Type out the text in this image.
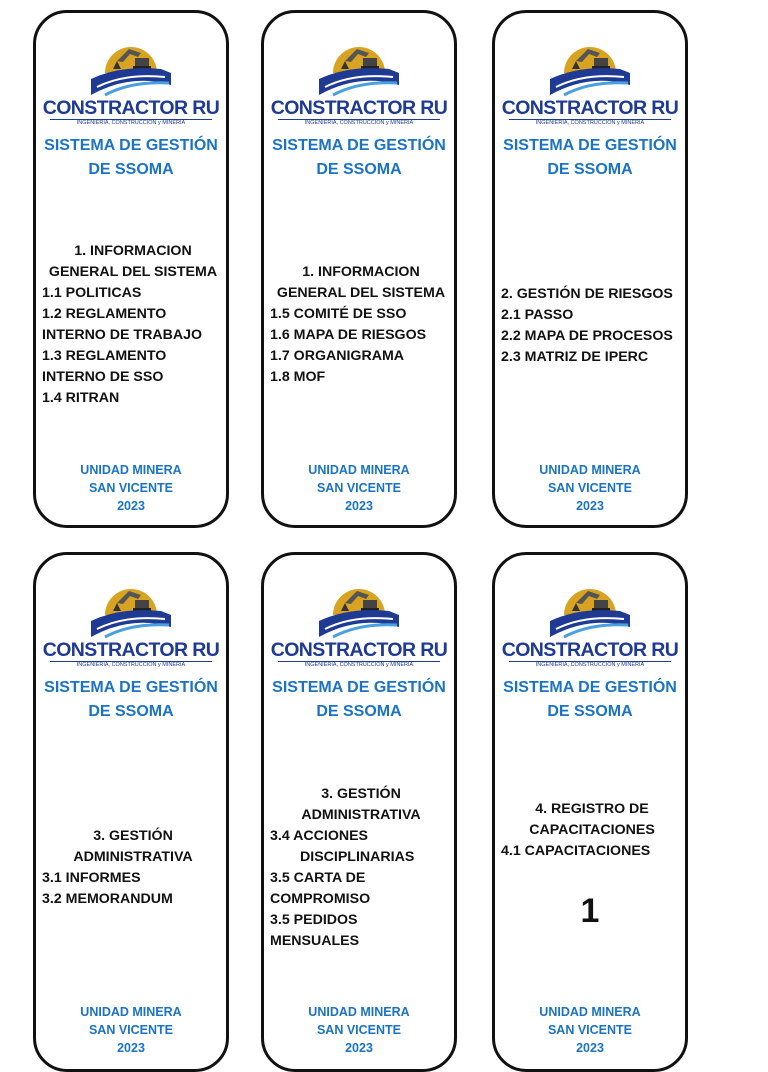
CONSTRACTOR RU
INGENIERÍA, CONSTRUCCIÓN y MINERÍA
SISTEMA DE GESTIÓN
DE SSOMA
1. INFORMACION
GENERAL DEL SISTEMA
1.1 POLITICAS
1.2 REGLAMENTO
INTERNO DE TRABAJO
1.3 REGLAMENTO
INTERNO DE SSO
1.4 RITRAN
UNIDAD MINERA
SAN VICENTE
2023
CONSTRACTOR RU
INGENIERÍA, CONSTRUCCIÓN y MINERÍA
SISTEMA DE GESTIÓN
DE SSOMA
1. INFORMACION
GENERAL DEL SISTEMA
1.5 COMITÉ DE SSO
1.6 MAPA DE RIESGOS
1.7 ORGANIGRAMA
1.8 MOF
UNIDAD MINERA
SAN VICENTE
2023
CONSTRACTOR RU
INGENIERÍA, CONSTRUCCIÓN y MINERÍA
SISTEMA DE GESTIÓN
DE SSOMA
2. GESTIÓN DE RIESGOS
2.1 PASSO
2.2 MAPA DE PROCESOS
2.3 MATRIZ DE IPERC
UNIDAD MINERA
SAN VICENTE
2023
CONSTRACTOR RU
INGENIERÍA, CONSTRUCCIÓN y MINERÍA
SISTEMA DE GESTIÓN
DE SSOMA
3. GESTIÓN
ADMINISTRATIVA
3.1 INFORMES
3.2 MEMORANDUM
UNIDAD MINERA
SAN VICENTE
2023
CONSTRACTOR RU
INGENIERÍA, CONSTRUCCIÓN y MINERÍA
SISTEMA DE GESTIÓN
DE SSOMA
3. GESTIÓN
ADMINISTRATIVA
3.4 ACCIONES
DISCIPLINARIAS
3.5 CARTA DE
COMPROMISO
3.5 PEDIDOS
MENSUALES
UNIDAD MINERA
SAN VICENTE
2023
CONSTRACTOR RU
INGENIERÍA, CONSTRUCCIÓN y MINERÍA
SISTEMA DE GESTIÓN
DE SSOMA
4. REGISTRO DE
CAPACITACIONES
4.1 CAPACITACIONES
1
UNIDAD MINERA
SAN VICENTE
2023
